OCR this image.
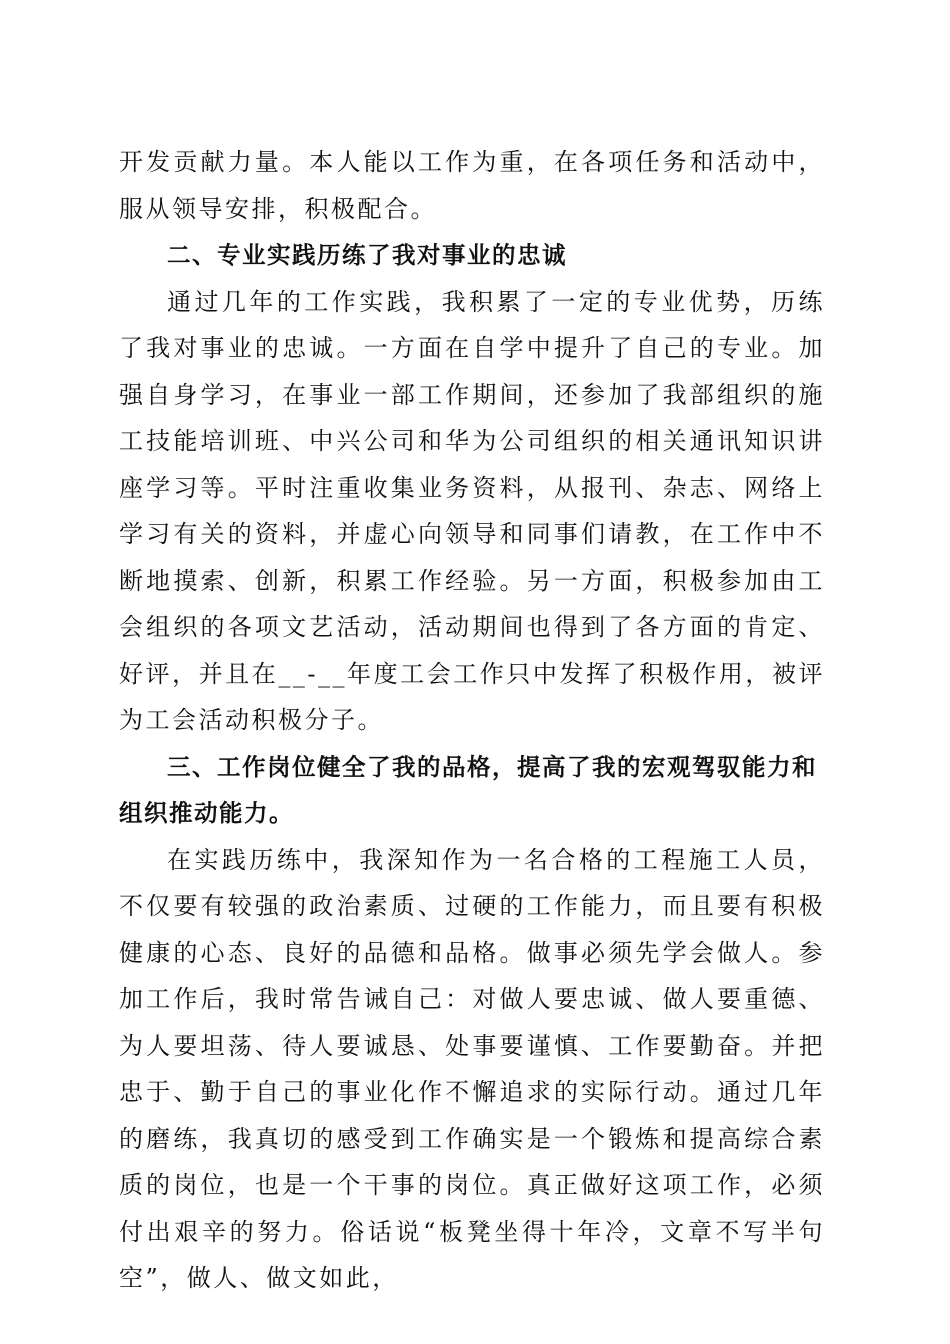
开发贡献力量。本人能以工作为重，在各项任务和活动中，服从领导安排，积极配合。

二、专业实践历练了我对事业的忠诚

通过几年的工作实践，我积累了一定的专业优势，历练了我对事业的忠诚。一方面在自学中提升了自己的专业。加强自身学习，在事业一部工作期间，还参加了我部组织的施工技能培训班、中兴公司和华为公司组织的相关通讯知识讲座学习等。平时注重收集业务资料，从报刊、杂志、网络上学习有关的资料，并虚心向领导和同事们请教，在工作中不断地摸索、创新，积累工作经验。另一方面，积极参加由工会组织的各项文艺活动，活动期间也得到了各方面的肯定、好评，并且在__-__年度工会工作只中发挥了积极作用，被评为工会活动积极分子。

三、工作岗位健全了我的品格，提高了我的宏观驾驭能力和组织推动能力。

在实践历练中，我深知作为一名合格的工程施工人员，不仅要有较强的政治素质、过硬的工作能力，而且要有积极健康的心态、良好的品德和品格。做事必须先学会做人。参加工作后，我时常告诫自己：对做人要忠诚、做人要重德、为人要坦荡、待人要诚恳、处事要谨慎、工作要勤奋。并把忠于、勤于自己的事业化作不懈追求的实际行动。通过几年的磨练，我真切的感受到工作确实是一个锻炼和提高综合素质的岗位，也是一个干事的岗位。真正做好这项工作，必须付出艰辛的努力。俗话说“板凳坐得十年冷，文章不写半句空”，做人、做文如此，
